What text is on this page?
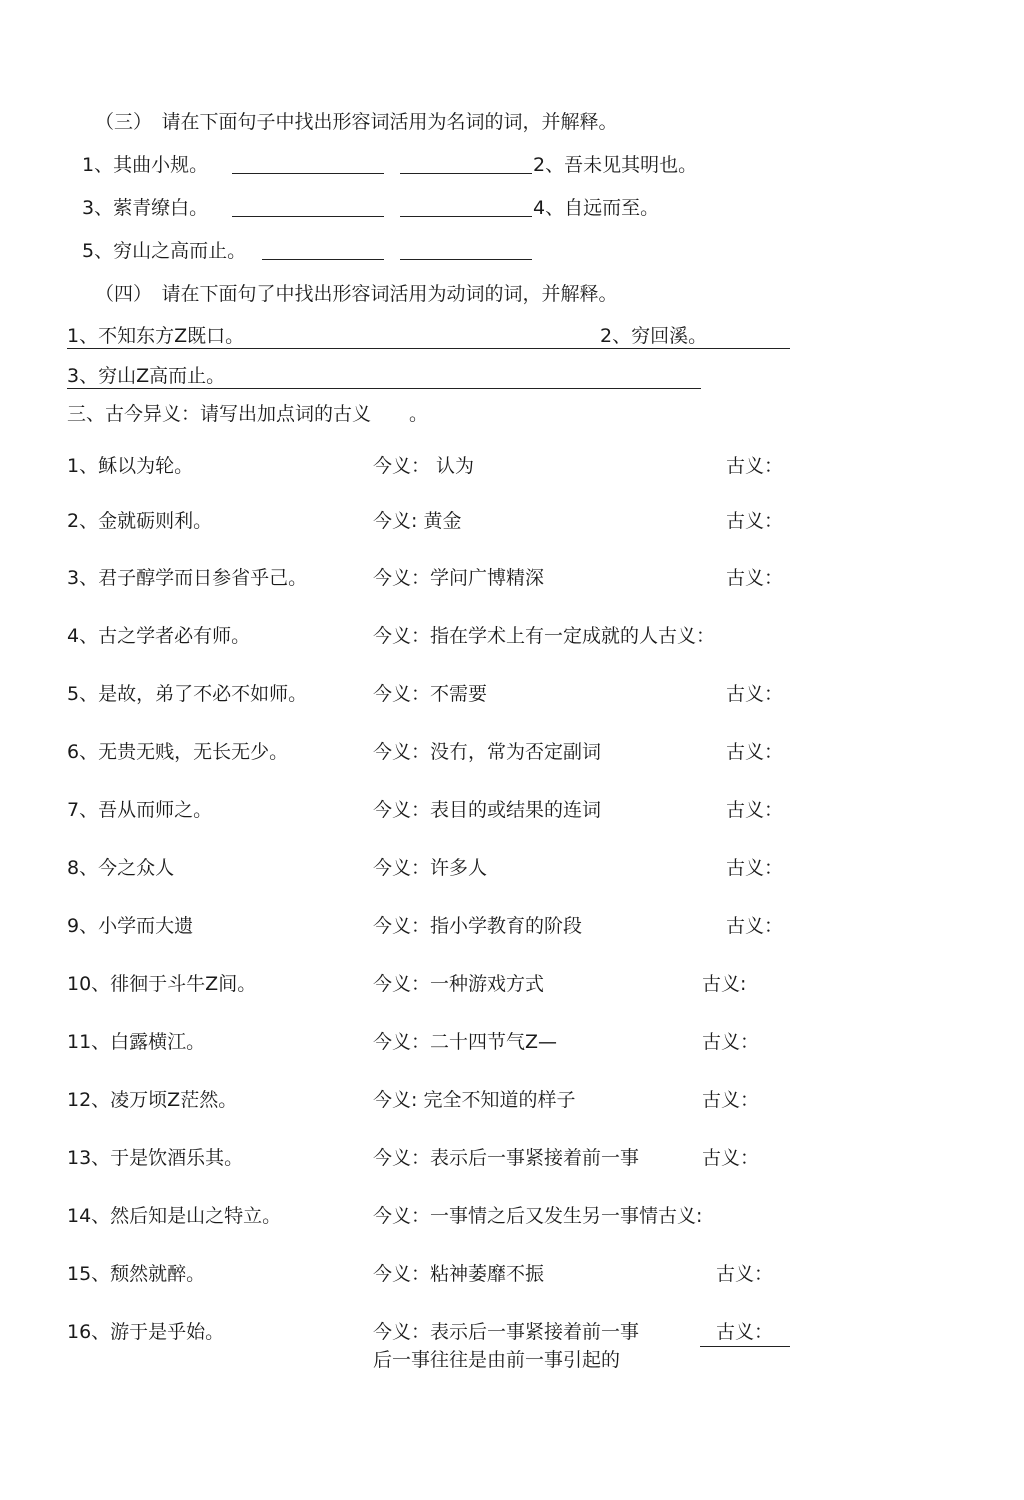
（三）　请在下面句子中找出形容词活用为名词的词，并解释。
1、其曲小规。	2、吾未见其明也。
3、萦青缭白。	4、自远而至。
5、穷山之高而止。
（四）　请在下面句了中找出形容词活用为动词的词，并解释。
1、不知东方Z既口。	2、穷回溪。
3、穷山Z高而止。
三、古今异义：请写出加点词的古义　　。
1、稣以为轮。	今义： 认为	古义：
2、金就砺则利。	今义: 黄金	古义：
3、君子醇学而日参省乎己。	今义：学问广博精深	古义：
4、古之学者必有师。	今义：指在学术上有一定成就的人古义：
5、是故，弟了不必不如师。	今义：不需要	古义：
6、无贵无贱，无长无少。	今义：没冇，常为否定副词	古义：
7、吾从而师之。	今义：表目的或结果的连词	古义：
8、今之众人	今义：许多人	古义：
9、小学而大遗	今义：指小学教育的阶段	古义：
10、徘徊于斗牛Z间。	今义：一种游戏方式	古义:
11、白露横江。	今义：二十四节气Z—	古义：
12、凌万顷Z茫然。	今义: 完全不知道的样子	古义：
13、于是饮酒乐其。	今义：表示后一事紧接着前一事	古义：
14、然后知是山之特立。	今义：一事情之后又发生另一事情古义:
15、颓然就醉。	今义：粘神萎靡不振	古义：
16、游于是乎始。	今义：表示后一事紧接着前一事
后一事往往是由前一事引起的
古义：
